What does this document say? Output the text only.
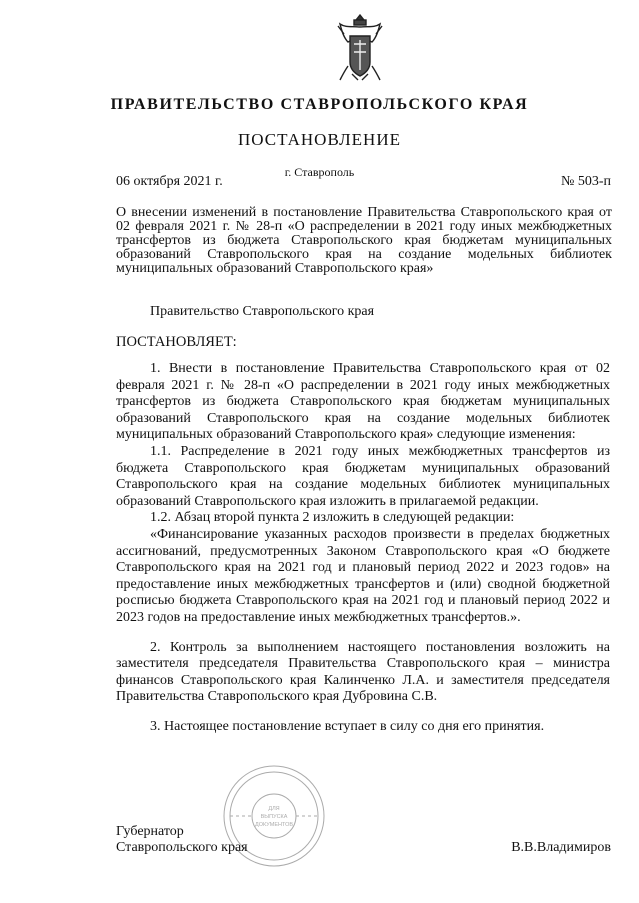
ПРАВИТЕЛЬСТВО СТАВРОПОЛЬСКОГО КРАЯ
ПОСТАНОВЛЕНИЕ
06 октября 2021 г.
г. Ставрополь
№ 503-п
О внесении изменений в постановление Правительства Ставропольского края от 02 февраля 2021 г. № 28-п «О распределении в 2021 году иных межбюджетных трансфертов из бюджета Ставропольского края бюджетам муниципальных образований Ставропольского края на создание модельных библиотек муниципальных образований Ставропольского края»
Правительство Ставропольского края
ПОСТАНОВЛЯЕТ:

1. Внести в постановление Правительства Ставропольского края от 02 февраля 2021 г. № 28-п «О распределении в 2021 году иных межбюджетных трансфертов из бюджета Ставропольского края бюджетам муниципальных образований Ставропольского края на создание модельных библиотек муниципальных образований Ставропольского края» следующие изменения:

1.1. Распределение в 2021 году иных межбюджетных трансфертов из бюджета Ставропольского края бюджетам муниципальных образований Ставропольского края на создание модельных библиотек муниципальных образований Ставропольского края изложить в прилагаемой редакции.

1.2. Абзац второй пункта 2 изложить в следующей редакции:

«Финансирование указанных расходов произвести в пределах бюджетных ассигнований, предусмотренных Законом Ставропольского края «О бюджете Ставропольского края на 2021 год и плановый период 2022 и 2023 годов» на предоставление иных межбюджетных трансфертов и (или) сводной бюджетной росписью бюджета Ставропольского края на 2021 год и плановый период 2022 и 2023 годов на предоставление иных межбюджетных трансфертов.».

2. Контроль за выполнением настоящего постановления возложить на заместителя председателя Правительства Ставропольского края – министра финансов Ставропольского края Калинченко Л.А. и заместителя председателя Правительства Ставропольского края Дубровина С.В.

3. Настоящее постановление вступает в силу со дня его принятия.

ДЛЯ
ВЫПУСКА
ДОКУМЕНТОВ
Губернатор
Ставропольского края	В.В.Владимиров
